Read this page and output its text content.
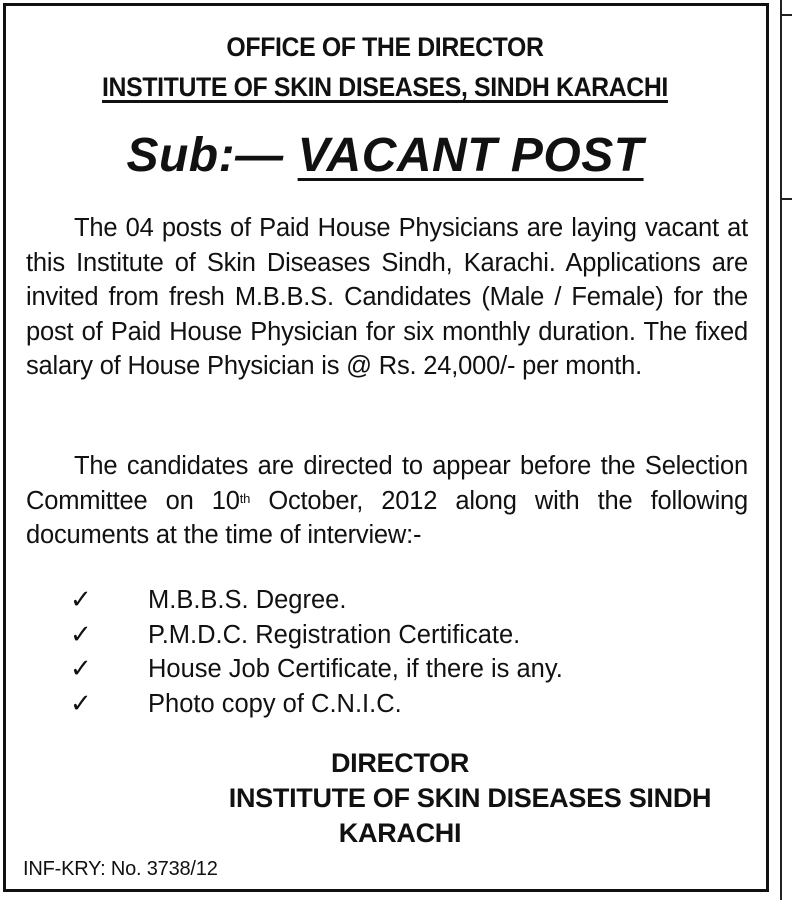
OFFICE OF THE DIRECTOR
INSTITUTE OF SKIN DISEASES, SINDH KARACHI
Sub:— VACANT POST

The 04 posts of Paid House Physicians are laying vacant at this Institute of Skin Diseases Sindh, Karachi. Applications are invited from fresh M.B.B.S. Candidates (Male / Female) for the post of Paid House Physician for six monthly duration. The fixed salary of House Physician is @ Rs. 24,000/- per month.

The candidates are directed to appear before the Selection Committee on 10th October, 2012 along with the following documents at the time of interview:-

✓	M.B.B.S. Degree.
✓	P.M.D.C. Registration Certificate.
✓	House Job Certificate, if there is any.
✓	Photo copy of C.N.I.C.
DIRECTOR
INSTITUTE OF SKIN DISEASES SINDH
KARACHI
INF-KRY: No. 3738/12
